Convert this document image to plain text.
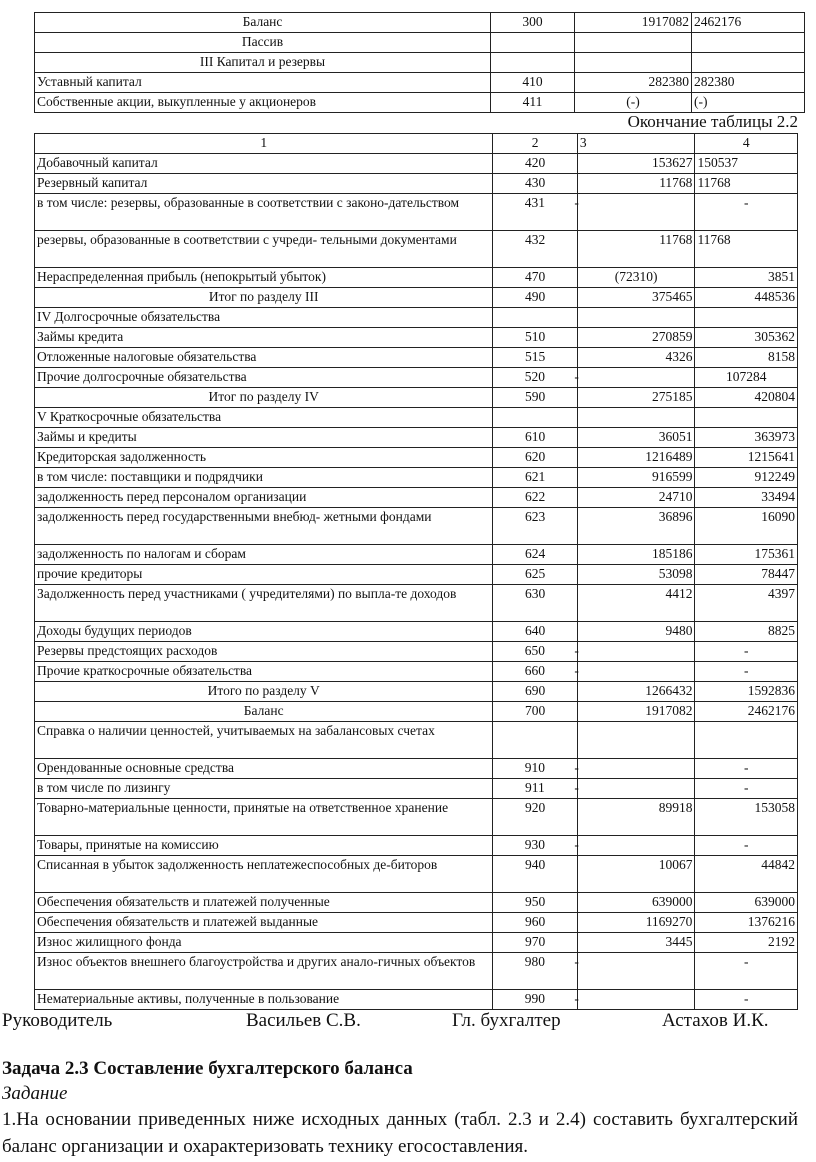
Баланс	300	1917082	2462176
Пассив			
III Капитал и резервы			
Уставный капитал	410	282380	282380
Собственные акции, выкупленные у акционеров	411	(-)	(-)
Окончание таблицы 2.2
1	2	3	4
Добавочный капитал	420	153627	150537
Резервный капитал	430	11768	11768
в том числе: резервы, образованные в соответствии с законо-дательством	431 -		-
резервы, образованные в соответствии с учреди- тельными документами	432	11768	11768
Нераспределенная прибыль (непокрытый убыток)	470	(72310)	3851
Итог по разделу III	490	375465	448536
IV Долгосрочные обязательства			
Займы кредита	510	270859	305362
Отложенные налоговые обязательства	515	4326	8158
Прочие долгосрочные обязательства	520 -		107284
Итог по разделу IV	590	275185	420804
V Краткосрочные обязательства			
Займы и кредиты	610	36051	363973
Кредиторская задолженность	620	1216489	1215641
в том числе: поставщики и подрядчики	621	916599	912249
задолженность перед персоналом организации	622	24710	33494
задолженность перед государственными внебюд- жетными фондами	623	36896	16090
задолженность по налогам и сборам	624	185186	175361
прочие кредиторы	625	53098	78447
Задолженность перед участниками ( учредителями) по выпла-те доходов	630	4412	4397
Доходы будущих периодов	640	9480	8825
Резервы предстоящих расходов	650 -		-
Прочие краткосрочные обязательства	660 -		-
Итого по разделу V	690	1266432	1592836
Баланс	700	1917082	2462176
Справка о наличии ценностей, учитываемых на забалансовых счетах			
Орендованные основные средства	910 -		-
в том числе по лизингу	911 -		-
Товарно-материальные ценности, принятые на ответственное хранение	920	89918	153058
Товары, принятые на комиссию	930 -		-
Списанная в убыток задолженность неплатежеспособных де-биторов	940	10067	44842
Обеспечения обязательств и платежей полученные	950	639000	639000
Обеспечения обязательств и платежей выданные	960	1169270	1376216
Износ жилищного фонда	970	3445	2192
Износ объектов внешнего благоустройства и других анало-гичных объектов	980 -		-
Нематериальные активы, полученные в пользование	990 -		-
Руководитель	Васильев С.В.	Гл. бухгалтер	Астахов И.К.
Задача 2.3 Составление бухгалтерского баланса
Задание
1.На основании приведенных ниже исходных данных (табл. 2.3 и 2.4) составить бухгалтерский баланс организации и охарактеризовать технику егосоставления.
